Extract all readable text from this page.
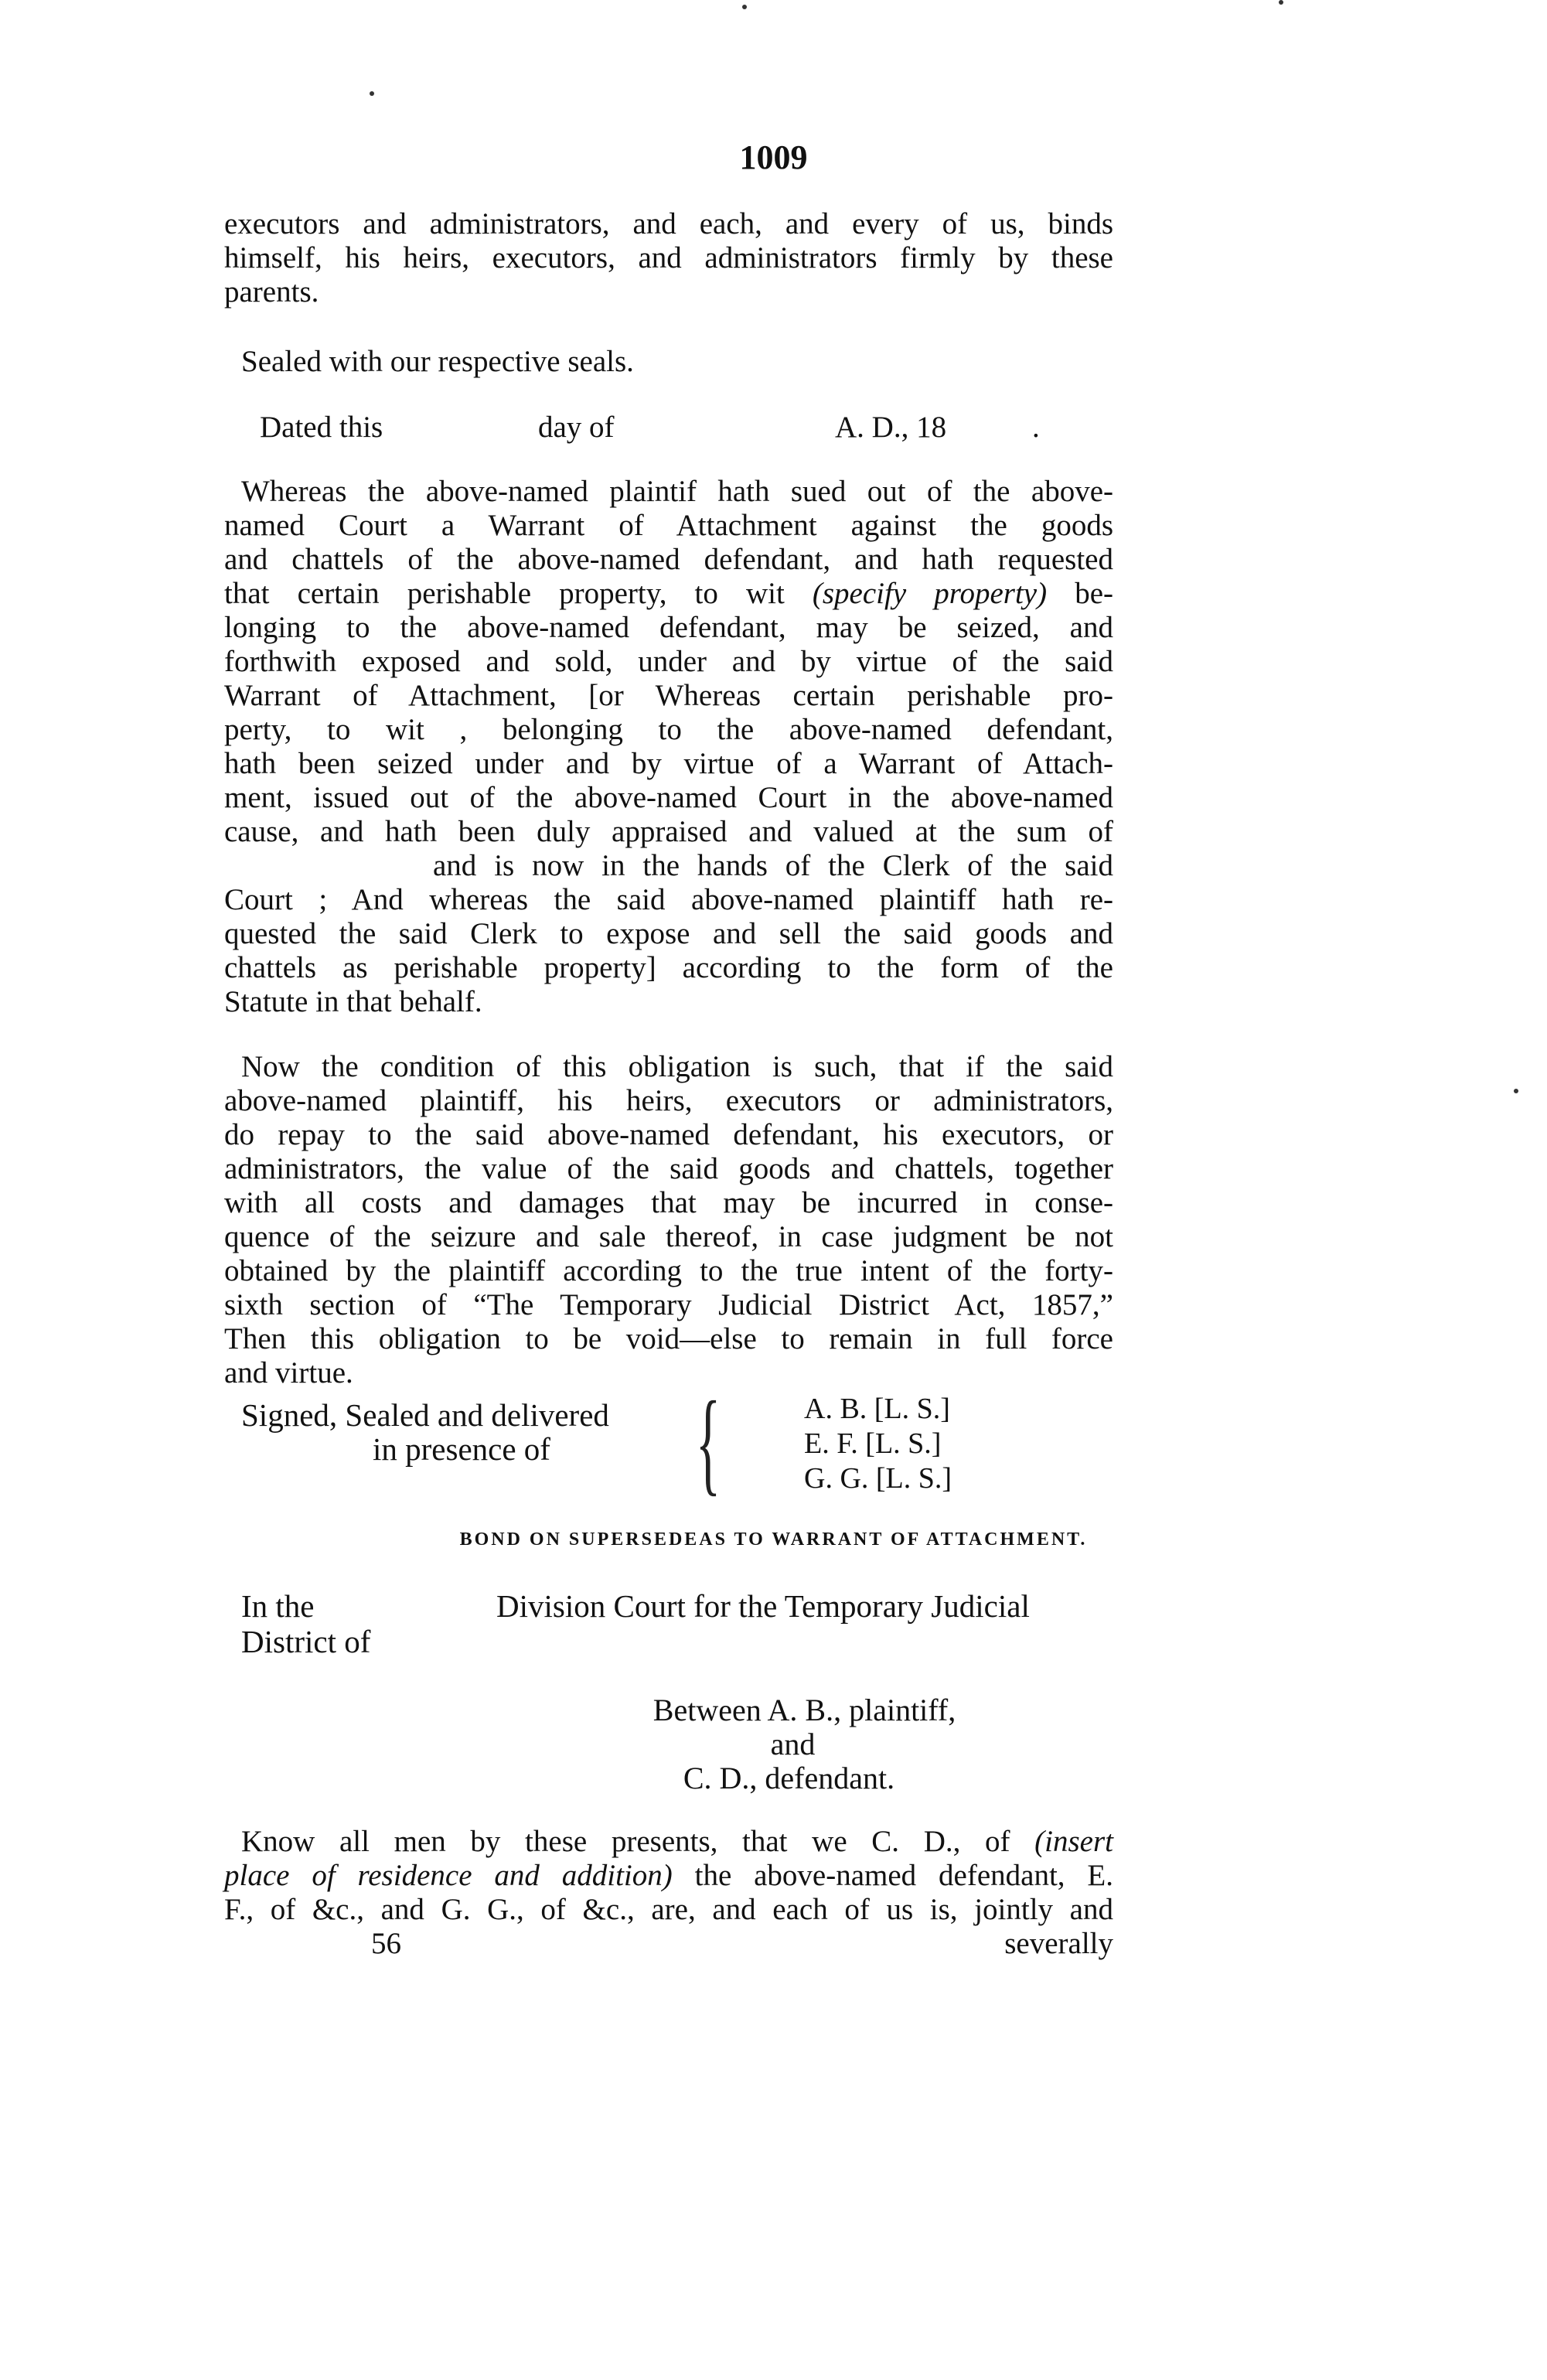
1009
executors and administrators, and each, and every of us, binds
himself, his heirs, executors, and administrators firmly by these
parents.
Sealed with our respective seals.
Dated this	day of	A. D., 18	.
Whereas the above-named plaintif hath sued out of the above-
named Court a Warrant of Attachment against the goods
and chattels of the above-named defendant, and hath requested
that certain perishable property, to wit (specify property) be-
longing to the above-named defendant, may be seized, and
forthwith exposed and sold, under and by virtue of the said
Warrant of Attachment, [or Whereas certain perishable pro-
perty, to wit , belonging to the above-named defendant,
hath been seized under and by virtue of a Warrant of Attach-
ment, issued out of the above-named Court in the above-named
cause, and hath been duly appraised and valued at the sum of
and is now in the hands of the Clerk of the said
Court ; And whereas the said above-named plaintiff hath re-
quested the said Clerk to expose and sell the said goods and
chattels as perishable property] according to the form of the
Statute in that behalf.
Now the condition of this obligation is such, that if the said
above-named plaintiff, his heirs, executors or administrators,
do repay to the said above-named defendant, his executors, or
administrators, the value of the said goods and chattels, together
with all costs and damages that may be incurred in conse-
quence of the seizure and sale thereof, in case judgment be not
obtained by the plaintiff according to the true intent of the forty-
sixth section of “The Temporary Judicial District Act, 1857,”
Then this obligation to be void—else to remain in full force
and virtue.
Signed, Sealed and delivered
in presence of	{	A. B. [L. S.]
E. F. [L. S.]
G. G. [L. S.]
BOND ON SUPERSEDEAS TO WARRANT OF ATTACHMENT.
In the
District of
Division Court for the Temporary Judicial
Between A. B., plaintiff,
and
C. D., defendant.
Know all men by these presents, that we C. D., of (insert
place of residence and addition) the above-named defendant, E.
F., of &c., and G. G., of &c., are, and each of us is, jointly and
56	severally
